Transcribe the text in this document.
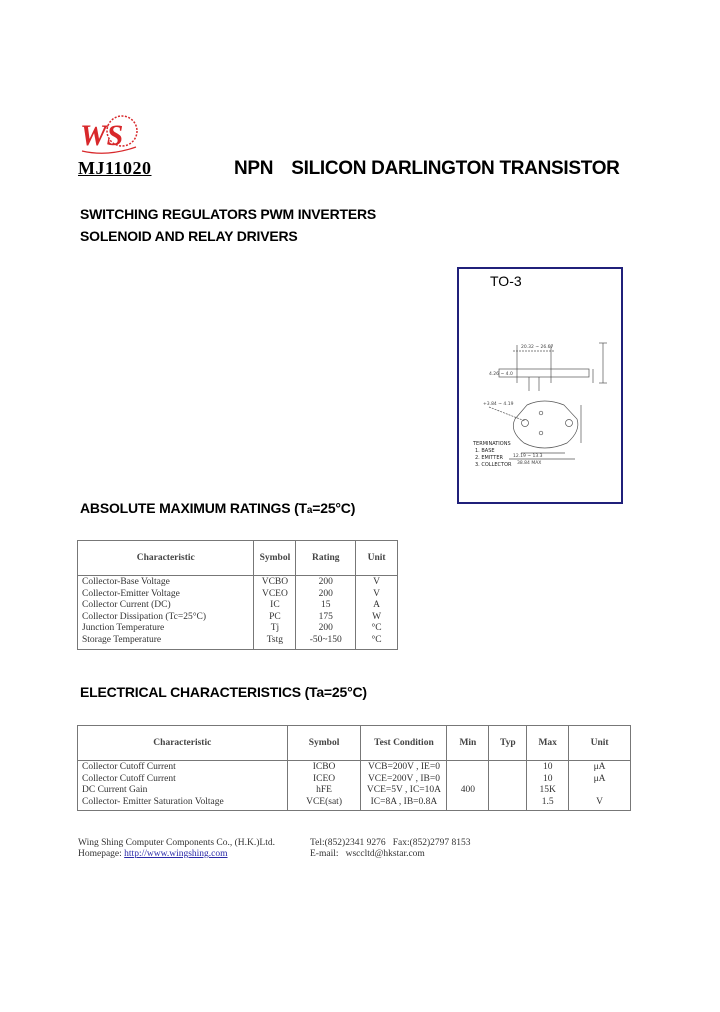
WS
MJ11020	NPN SILICON DARLINGTON TRANSISTOR
SWITCHING REGULATORS PWM INVERTERS
SOLENOID AND RELAY DRIVERS
TO-3
20.32 ~ 26.67
4.26 ~ 4.0
+3.84 ~ 4.19
12.19 ~ 13.3
38.84 MAX
TERMINATIONS
1. BASE
2. EMITTER
3. COLLECTOR
ABSOLUTE MAXIMUM RATINGS (Ta=25°C)
Characteristic	Symbol	Rating	Unit
Collector-Base Voltage	VCBO	200	V
Collector-Emitter Voltage	VCEO	200	V
Collector Current (DC)	IC	15	A
Collector Dissipation (Tc=25°C)	PC	175	W
Junction Temperature	Tj	200	°C
Storage Temperature	Tstg	-50~150	°C
ELECTRICAL CHARACTERISTICS (Ta=25°C)
Characteristic	Symbol	Test Condition	Min	Typ	Max	Unit
Collector Cutoff Current	ICBO	VCB=200V , IE=0			10	μA
Collector Cutoff Current	ICEO	VCE=200V , IB=0			10	μA
DC Current Gain	hFE	VCE=5V , IC=10A	400		15K	
Collector- Emitter Saturation Voltage	VCE(sat)	IC=8A , IB=0.8A			1.5	V
Wing Shing Computer Components Co., (H.K.)Ltd.
Homepage: http://www.wingshing.com
Tel:(852)2341 9276 Fax:(852)2797 8153
E-mail: wsccltd@hkstar.com
